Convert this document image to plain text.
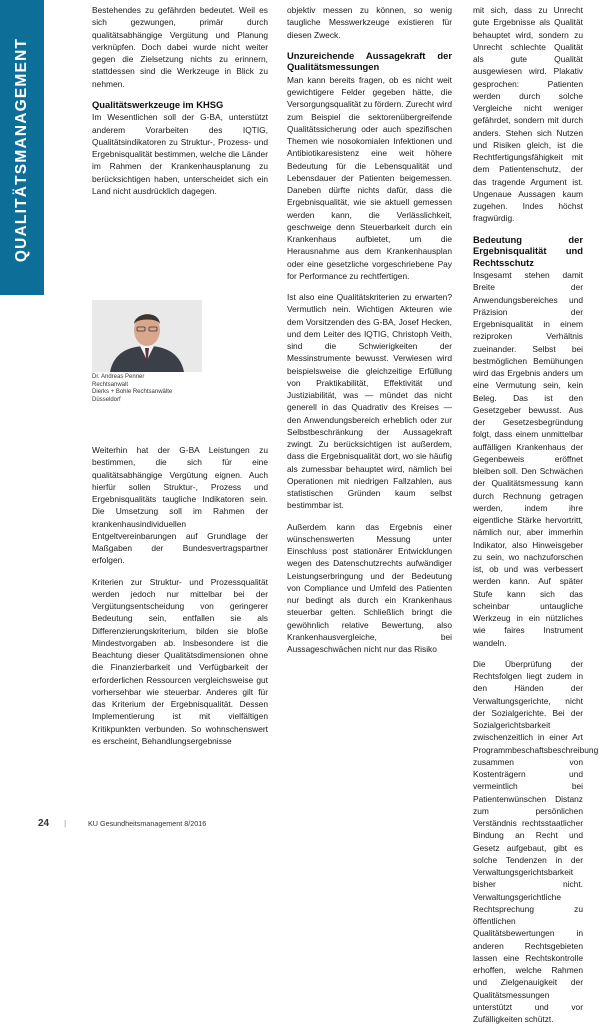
QUALITÄTSMANAGEMENT

Bestehendes zu gefährden bedeutet. Weil es sich gezwungen, primär durch qualitätsabhängige Vergütung und Planung verknüpfen. Doch dabei wurde nicht weiter gegen die Zielsetzung nichts zu erinnern, stattdessen sind die Werkzeuge in Blick zu nehmen.

Qualitätswerkzeuge im KHSG

Im Wesentlichen soll der G-BA, unterstützt anderem Vorarbeiten des IQTIG, Qualitätsindikatoren zu Struktur-, Prozess- und Ergebnisqualität bestimmen, welche die Länder im Rahmen der Krankenhausplanung zu berücksichtigen haben, unterscheidet sich ein Land nicht ausdrücklich dagegen.

Dr. Andreas Penner
Rechtsanwalt
Dierks + Bohle Rechtsanwälte
Düsseldorf

Weiterhin hat der G-BA Leistungen zu bestimmen, die sich für eine qualitätsabhängige Vergütung eignen. Auch hierfür sollen Struktur-, Prozess und Ergebnisqualitäts taugliche Indikatoren sein. Die Umsetzung soll im Rahmen der krankenhausindividuellen Entgeltvereinbarungen auf Grundlage der Maßgaben der Bundesvertragspartner erfolgen.

Kriterien zur Struktur- und Prozessqualität werden jedoch nur mittelbar bei der Vergütungsentscheidung von geringerer Bedeutung sein, entfallen sie als Differenzierungskriterium, bilden sie bloße Mindestvorgaben ab. Insbesondere ist die Beachtung dieser Qualitätsdimensionen ohne die Finanzierbarkeit und Verfügbarkeit der erforderlichen Ressourcen vergleichsweise gut vorhersehbar wie steuerbar. Anderes gilt für das Kriterium der Ergebnisqualität. Dessen Implementierung ist mit vielfältigen Kritikpunkten verbunden. So wohnschenswert es erscheint, Behandlungsergebnisse

objektiv messen zu können, so wenig taugliche Messwerkzeuge existieren für diesen Zweck.

Unzureichende Aussagekraft der Qualitätsmessungen

Man kann bereits fragen, ob es nicht weit gewichtigere Felder gegeben hätte, die Versorgungsqualität zu fördern. Zurecht wird zum Beispiel die sektorenübergreifende Qualitätssicherung oder auch spezifischen Themen wie nosokomialen Infektionen und Antibiotikaresistenz eine weit höhere Bedeutung für die Lebensqualität und Lebensdauer der Patienten beigemessen. Daneben dürfte nichts dafür, dass die Ergebnisqualität, wie sie aktuell gemessen werden kann, die Verlässlichkeit, geschweige denn Steuerbarkeit durch ein Krankenhaus aufbietet, um die Herausnahme aus dem Krankenhausplan oder eine gesetzliche vorgeschriebene Pay for Performance zu rechtfertigen.

Ist also eine Qualitätskriterien zu erwarten? Vermutlich nein. Wichtigen Akteuren wie dem Vorsitzenden des G-BA, Josef Hecken, und dem Leiter des IQTIG, Christoph Veith, sind die Schwierigkeiten der Messinstrumente bewusst. Verwiesen wird beispielsweise die gleichzeitige Erfüllung von Praktikabilität, Effektivität und Justiziabilität, was — mündet das nicht generell in das Quadrativ des Kreises — den Anwendungsbereich erheblich oder zur Selbstbeschränkung der Aussagekraft zwingt. Zu berücksichtigen ist außerdem, dass die Ergebnisqualität dort, wo sie häufig als zumessbar behauptet wird, nämlich bei Operationen mit niedrigen Fallzahlen, aus statistischen Gründen kaum selbst bestimmbar ist.

Außerdem kann das Ergebnis einer wünschenswerten Messung unter Einschluss post stationärer Entwicklungen wegen des Datenschutzrechts aufwändiger Leistungserbringung und der Bedeutung von Compliance und Umfeld des Patienten nur bedingt als durch ein Krankenhaus steuerbar gelten. Schließlich bringt die gewöhnlich relative Bewertung, also Krankenhausvergleiche, bei Aussageschwächen nicht nur das Risiko

mit sich, dass zu Unrecht gute Ergebnisse als Qualität behauptet wird, sondern zu Unrecht schlechte Qualität als gute Qualität ausgewiesen wird. Plakativ gesprochen: Patienten werden durch solche Vergleiche nicht weniger gefährdet, sondern mit durch anders. Stehen sich Nutzen und Risiken gleich, ist die Rechtfertigungsfähigkeit mit dem Patientenschutz, der das tragende Argument ist. Ungenaue Aussagen kaum zugehen. Indes höchst fragwürdig.

Bedeutung der Ergebnisqualität und Rechtsschutz

Insgesamt stehen damit Breite der Anwendungsbereiches und Präzision der Ergebnisqualität in einem reziproken Verhältnis zueinander. Selbst bei bestmöglichen Bemühungen wird das Ergebnis anders um eine Vermutung sein, kein Beleg. Das ist den Gesetzgeber bewusst. Aus der Gesetzesbegründung folgt, dass einem unmittelbar auffälligen Krankenhaus der Gegenbeweis eröffnet bleiben soll. Den Schwächen der Qualitätsmessung kann durch Rechnung getragen werden, indem ihre eigentliche Stärke hervortritt, nämlich nur, aber immerhin Indikator, also Hinweisgeber zu sein, wo nachzuforschen ist, ob und was verbessert werden kann. Auf später Stufe kann sich das scheinbar untaugliche Werkzeug in ein nützliches wie faires Instrument wandeln.

Die Überprüfung der Rechtsfolgen liegt zudem in den Händen der Verwaltungsgerichte, nicht der Sozialgerichte. Bei der Sozialgerichtsbarkeit zwischenzeitlich in einer Art Programmbeschaftsbeschreibung zusammen von Kostenträgern und vermeintlich bei Patientenwünschen Distanz zum persönlichen Verständnis rechtsstaatlicher Bindung an Recht und Gesetz aufgebaut, gibt es solche Tendenzen in der Verwaltungsgerichtsbarkeit bisher nicht. Verwaltungsgerichtliche Rechtsprechung zu öffentlichen Qualitätsbewertungen in anderen Rechtsgebieten lassen eine Rechtskontrolle erhoffen, welche Rahmen und Zielgenauigkeit der Qualitätsmessungen unterstützt und vor Zufälligkeiten schützt.

24 |	KU Gesundheitsmanagement 8/2016
